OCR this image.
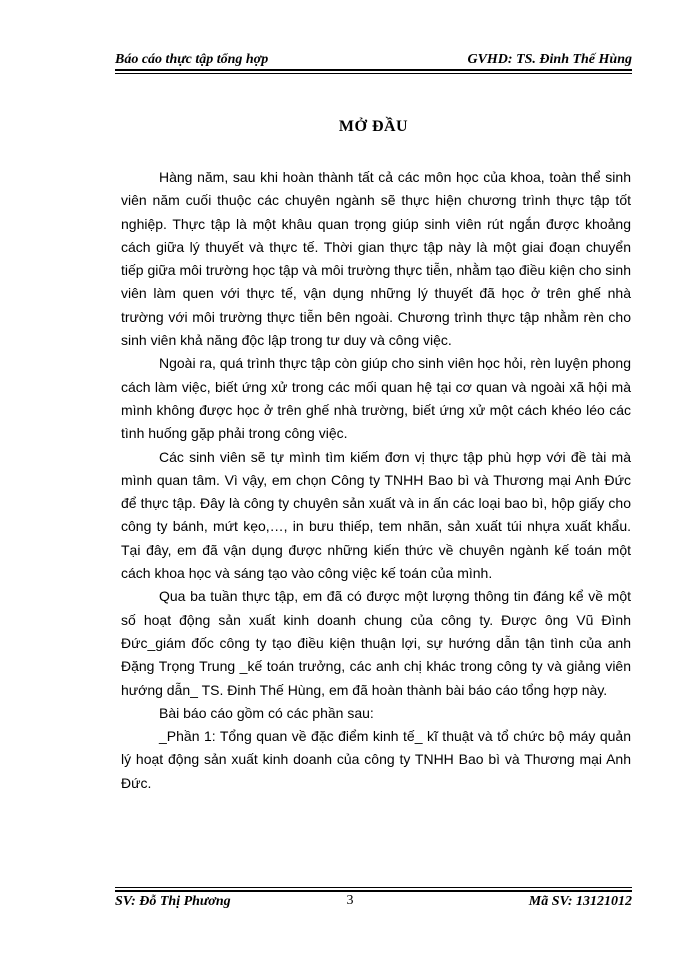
Báo cáo thực tập tổng hợp	GVHD: TS. Đinh Thế Hùng
MỞ ĐẦU

Hàng năm, sau khi hoàn thành tất cả các môn học của khoa, toàn thể sinh viên năm cuối thuộc các chuyên ngành sẽ thực hiện chương trình thực tập tốt nghiệp. Thực tập là một khâu quan trọng giúp sinh viên rút ngắn được khoảng cách giữa lý thuyết và thực tế. Thời gian thực tập này là một giai đoạn chuyển tiếp giữa môi trường học tập và môi trường thực tiễn, nhằm tạo điều kiện cho sinh viên làm quen với thực tế, vận dụng những lý thuyết đã học ở trên ghế nhà trường với môi trường thực tiễn bên ngoài. Chương trình thực tập nhằm rèn cho sinh viên khả năng độc lập trong tư duy và công việc.

Ngoài ra, quá trình thực tập còn giúp cho sinh viên học hỏi, rèn luyện phong cách làm việc, biết ứng xử trong các mối quan hệ tại cơ quan và ngoài xã hội mà mình không được học ở trên ghế nhà trường, biết ứng xử một cách khéo léo các tình huống gặp phải trong công việc.

Các sinh viên sẽ tự mình tìm kiếm đơn vị thực tập phù hợp với đề tài mà mình quan tâm. Vì vậy, em chọn Công ty TNHH Bao bì và Thương mại Anh Đức để thực tập. Đây là công ty chuyên sản xuất và in ấn các loại bao bì, hộp giấy cho công ty bánh, mứt kẹo,…, in bưu thiếp, tem nhãn, sản xuất túi nhựa xuất khẩu. Tại đây, em đã vận dụng được những kiến thức về chuyên ngành kế toán một cách khoa học và sáng tạo vào công việc kế toán của mình.

Qua ba tuần thực tập, em đã có được một lượng thông tin đáng kể về một số hoạt động sản xuất kinh doanh chung của công ty. Được ông Vũ Đình Đức_giám đốc công ty tạo điều kiện thuận lợi, sự hướng dẫn tận tình của anh Đặng Trọng Trung _kế toán trưởng, các anh chị khác trong công ty và giảng viên hướng dẫn_ TS. Đinh Thế Hùng, em đã hoàn thành bài báo cáo tổng hợp này.

Bài báo cáo gồm có các phần sau:

_Phần 1: Tổng quan về đặc điểm kinh tế_ kĩ thuật và tổ chức bộ máy quản lý hoạt động sản xuất kinh doanh của công ty TNHH Bao bì và Thương mại Anh Đức.

SV: Đỗ Thị Phương	Mã SV: 13121012
3
